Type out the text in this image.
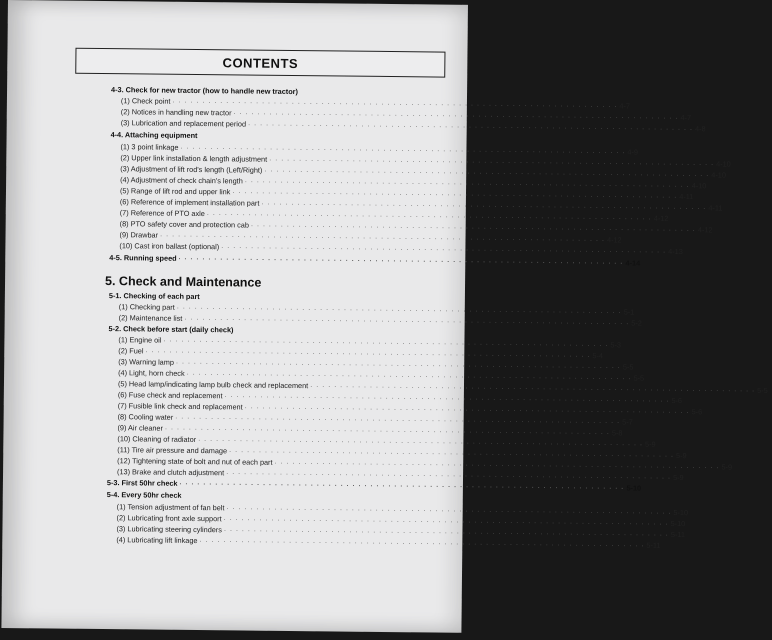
CONTENTS
4-3. Check for new tractor (how to handle new tractor)
(1) Check point · · · · · · · · · · · · · · · · · · · · · · · · · · · · · · · · · · · · · · · · · · · · · · · · · · · · · · · · · · · · · · · · · · · · · · · · · · · 4-7
(2) Notices in handling new tractor · · · · · · · · · · · · · · · · · · · · · · · · · · · · · · · · · · · · · · · · · · · · · · · · · · · · · · · · · · · · · · · · · · · · · · · · · · · 4-7
(3) Lubrication and replacement period · · · · · · · · · · · · · · · · · · · · · · · · · · · · · · · · · · · · · · · · · · · · · · · · · · · · · · · · · · · · · · · · · · · · · · · · · · · 4-8
4-4. Attaching equipment
(1) 3 point linkage · · · · · · · · · · · · · · · · · · · · · · · · · · · · · · · · · · · · · · · · · · · · · · · · · · · · · · · · · · · · · · · · · · · · · · · · · · · 4-9
(2) Upper link installation & length adjustment · · · · · · · · · · · · · · · · · · · · · · · · · · · · · · · · · · · · · · · · · · · · · · · · · · · · · · · · · · · · · · · · · · · · · · · · · · · 4-10
(3) Adjustment of lift rod's length (Left/Right) · · · · · · · · · · · · · · · · · · · · · · · · · · · · · · · · · · · · · · · · · · · · · · · · · · · · · · · · · · · · · · · · · · · · · · · · · · · 4-10
(4) Adjustment of check chain's length · · · · · · · · · · · · · · · · · · · · · · · · · · · · · · · · · · · · · · · · · · · · · · · · · · · · · · · · · · · · · · · · · · · · · · · · · · · 4-10
(5) Range of lift rod and upper link · · · · · · · · · · · · · · · · · · · · · · · · · · · · · · · · · · · · · · · · · · · · · · · · · · · · · · · · · · · · · · · · · · · · · · · · · · · 4-11
(6) Reference of implement installation part · · · · · · · · · · · · · · · · · · · · · · · · · · · · · · · · · · · · · · · · · · · · · · · · · · · · · · · · · · · · · · · · · · · · · · · · · · · 4-11
(7) Reference of PTO axle · · · · · · · · · · · · · · · · · · · · · · · · · · · · · · · · · · · · · · · · · · · · · · · · · · · · · · · · · · · · · · · · · · · · · · · · · · · 4-12
(8) PTO safety cover and protection cab · · · · · · · · · · · · · · · · · · · · · · · · · · · · · · · · · · · · · · · · · · · · · · · · · · · · · · · · · · · · · · · · · · · · · · · · · · · 4-12
(9) Drawbar · · · · · · · · · · · · · · · · · · · · · · · · · · · · · · · · · · · · · · · · · · · · · · · · · · · · · · · · · · · · · · · · · · · · · · · · · · · 4-12
(10) Cast iron ballast (optional) · · · · · · · · · · · · · · · · · · · · · · · · · · · · · · · · · · · · · · · · · · · · · · · · · · · · · · · · · · · · · · · · · · · · · · · · · · · 4-13
4-5. Running speed · · · · · · · · · · · · · · · · · · · · · · · · · · · · · · · · · · · · · · · · · · · · · · · · · · · · · · · · · · · · · · · · · · · · · · · · · · · 4-14
5. Check and Maintenance
5-1. Checking of each part
(1) Checking part · · · · · · · · · · · · · · · · · · · · · · · · · · · · · · · · · · · · · · · · · · · · · · · · · · · · · · · · · · · · · · · · · · · · · · · · · · · 5-1
(2) Maintenance list · · · · · · · · · · · · · · · · · · · · · · · · · · · · · · · · · · · · · · · · · · · · · · · · · · · · · · · · · · · · · · · · · · · · · · · · · · · 5-2
5-2. Check before start (daily check)
(1) Engine oil · · · · · · · · · · · · · · · · · · · · · · · · · · · · · · · · · · · · · · · · · · · · · · · · · · · · · · · · · · · · · · · · · · · · · · · · · · · 5-3
(2) Fuel · · · · · · · · · · · · · · · · · · · · · · · · · · · · · · · · · · · · · · · · · · · · · · · · · · · · · · · · · · · · · · · · · · · · · · · · · · · 5-4
(3) Warning lamp · · · · · · · · · · · · · · · · · · · · · · · · · · · · · · · · · · · · · · · · · · · · · · · · · · · · · · · · · · · · · · · · · · · · · · · · · · · 5-5
(4) Light, horn check · · · · · · · · · · · · · · · · · · · · · · · · · · · · · · · · · · · · · · · · · · · · · · · · · · · · · · · · · · · · · · · · · · · · · · · · · · · 5-5
(5) Head lamp/indicating lamp bulb check and replacement · · · · · · · · · · · · · · · · · · · · · · · · · · · · · · · · · · · · · · · · · · · · · · · · · · · · · · · · · · · · · · · · · · · · · · · · · · · 5-5
(6) Fuse check and replacement · · · · · · · · · · · · · · · · · · · · · · · · · · · · · · · · · · · · · · · · · · · · · · · · · · · · · · · · · · · · · · · · · · · · · · · · · · · 5-6
(7) Fusible link check and replacement · · · · · · · · · · · · · · · · · · · · · · · · · · · · · · · · · · · · · · · · · · · · · · · · · · · · · · · · · · · · · · · · · · · · · · · · · · · 5-6
(8) Cooling water · · · · · · · · · · · · · · · · · · · · · · · · · · · · · · · · · · · · · · · · · · · · · · · · · · · · · · · · · · · · · · · · · · · · · · · · · · · 5-7
(9) Air cleaner · · · · · · · · · · · · · · · · · · · · · · · · · · · · · · · · · · · · · · · · · · · · · · · · · · · · · · · · · · · · · · · · · · · · · · · · · · · 5-8
(10) Cleaning of radiator · · · · · · · · · · · · · · · · · · · · · · · · · · · · · · · · · · · · · · · · · · · · · · · · · · · · · · · · · · · · · · · · · · · · · · · · · · · 5-9
(11) Tire air pressure and damage · · · · · · · · · · · · · · · · · · · · · · · · · · · · · · · · · · · · · · · · · · · · · · · · · · · · · · · · · · · · · · · · · · · · · · · · · · · 5-9
(12) Tightening state of bolt and nut of each part · · · · · · · · · · · · · · · · · · · · · · · · · · · · · · · · · · · · · · · · · · · · · · · · · · · · · · · · · · · · · · · · · · · · · · · · · · · 5-9
(13) Brake and clutch adjustment · · · · · · · · · · · · · · · · · · · · · · · · · · · · · · · · · · · · · · · · · · · · · · · · · · · · · · · · · · · · · · · · · · · · · · · · · · · 5-9
5-3. First 50hr check · · · · · · · · · · · · · · · · · · · · · · · · · · · · · · · · · · · · · · · · · · · · · · · · · · · · · · · · · · · · · · · · · · · · · · · · · · · 5-10
5-4. Every 50hr check
(1) Tension adjustment of fan belt · · · · · · · · · · · · · · · · · · · · · · · · · · · · · · · · · · · · · · · · · · · · · · · · · · · · · · · · · · · · · · · · · · · · · · · · · · · 5-10
(2) Lubricating front axle support · · · · · · · · · · · · · · · · · · · · · · · · · · · · · · · · · · · · · · · · · · · · · · · · · · · · · · · · · · · · · · · · · · · · · · · · · · · 5-10
(3) Lubricating steering cylinders · · · · · · · · · · · · · · · · · · · · · · · · · · · · · · · · · · · · · · · · · · · · · · · · · · · · · · · · · · · · · · · · · · · · · · · · · · · 5-11
(4) Lubricating lift linkage · · · · · · · · · · · · · · · · · · · · · · · · · · · · · · · · · · · · · · · · · · · · · · · · · · · · · · · · · · · · · · · · · · · · · · · · · · · 5-11
